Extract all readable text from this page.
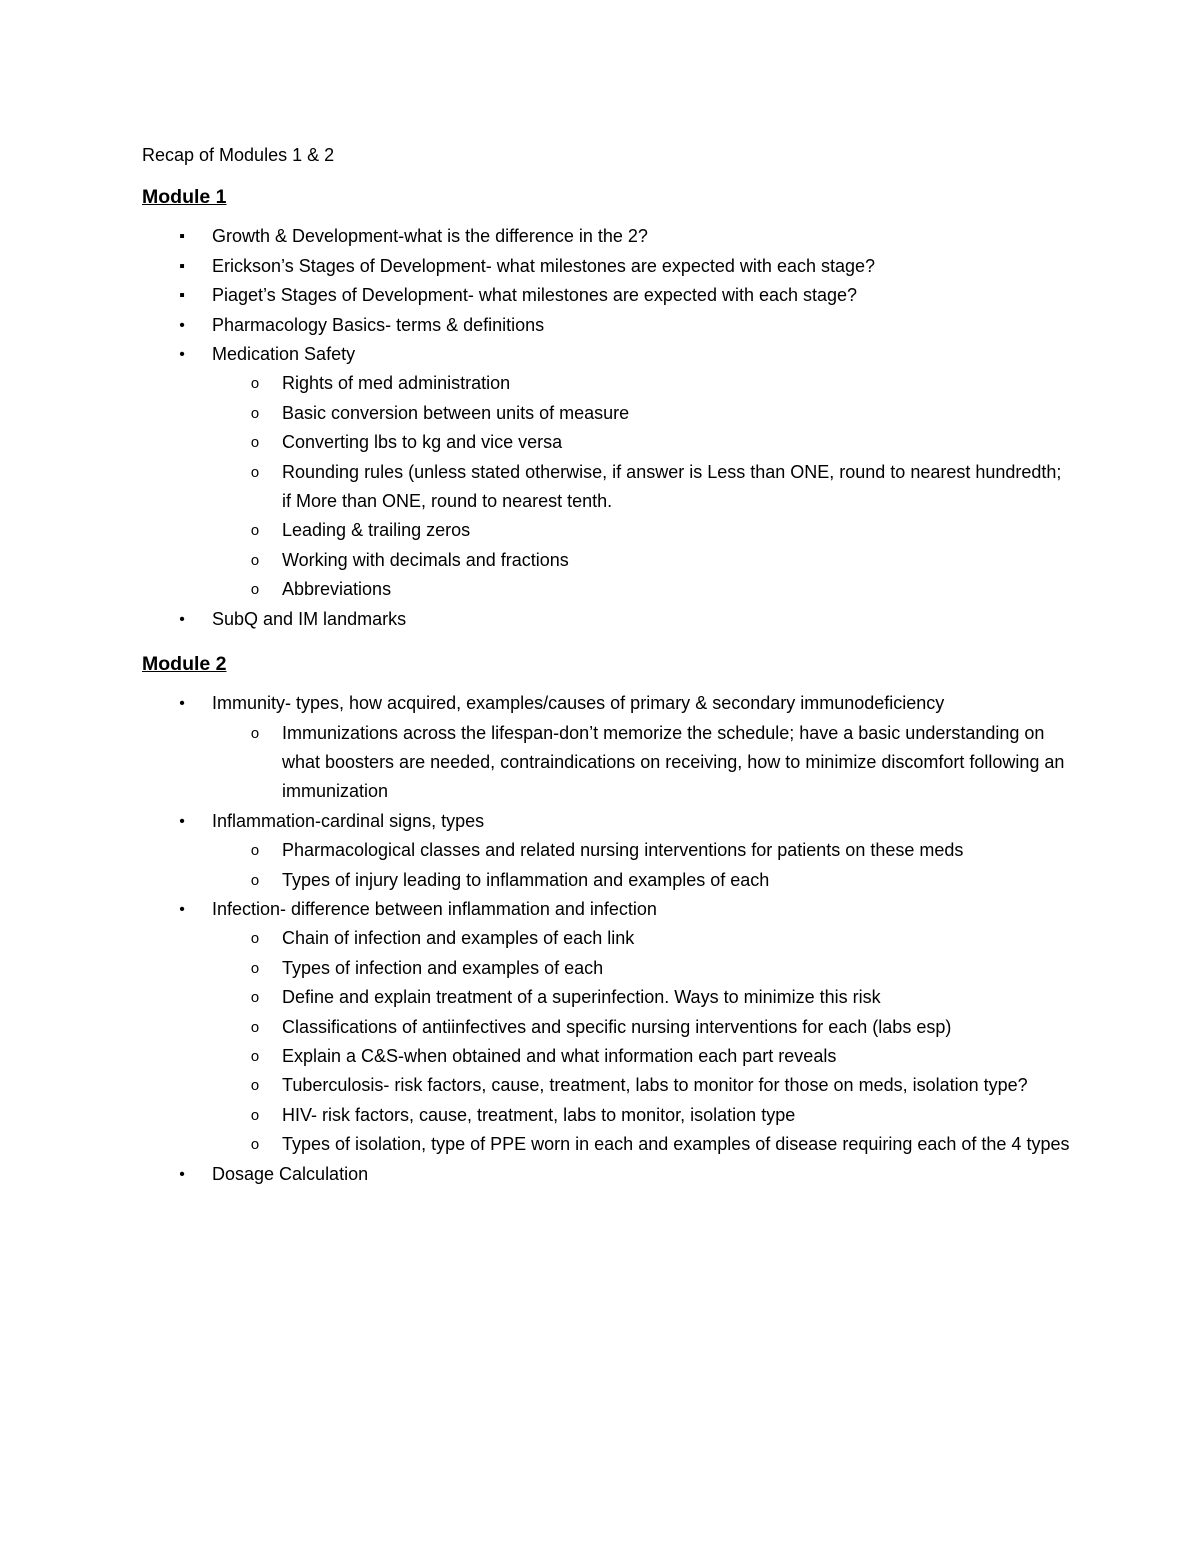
Recap of Modules 1 & 2

Module 1
▪ Growth & Development-what is the difference in the 2?
▪ Erickson’s Stages of Development- what milestones are expected with each stage?
▪ Piaget’s Stages of Development- what milestones are expected with each stage?
• Pharmacology Basics- terms & definitions
• Medication Safety
o Rights of med administration
o Basic conversion between units of measure
o Converting lbs to kg and vice versa
o Rounding rules (unless stated otherwise, if answer is Less than ONE, round to nearest hundredth; if More than ONE, round to nearest tenth.
o Leading & trailing zeros
o Working with decimals and fractions
o Abbreviations
• SubQ and IM landmarks
Module 2
• Immunity- types, how acquired, examples/causes of primary & secondary immunodeficiency
o Immunizations across the lifespan-don’t memorize the schedule; have a basic understanding on what boosters are needed, contraindications on receiving, how to minimize discomfort following an immunization
• Inflammation-cardinal signs, types
o Pharmacological classes and related nursing interventions for patients on these meds
o Types of injury leading to inflammation and examples of each
• Infection- difference between inflammation and infection
o Chain of infection and examples of each link
o Types of infection and examples of each
o Define and explain treatment of a superinfection. Ways to minimize this risk
o Classifications of antiinfectives and specific nursing interventions for each (labs esp)
o Explain a C&S-when obtained and what information each part reveals
o Tuberculosis- risk factors, cause, treatment, labs to monitor for those on meds, isolation type?
o HIV- risk factors, cause, treatment, labs to monitor, isolation type
o Types of isolation, type of PPE worn in each and examples of disease requiring each of the 4 types
• Dosage Calculation
